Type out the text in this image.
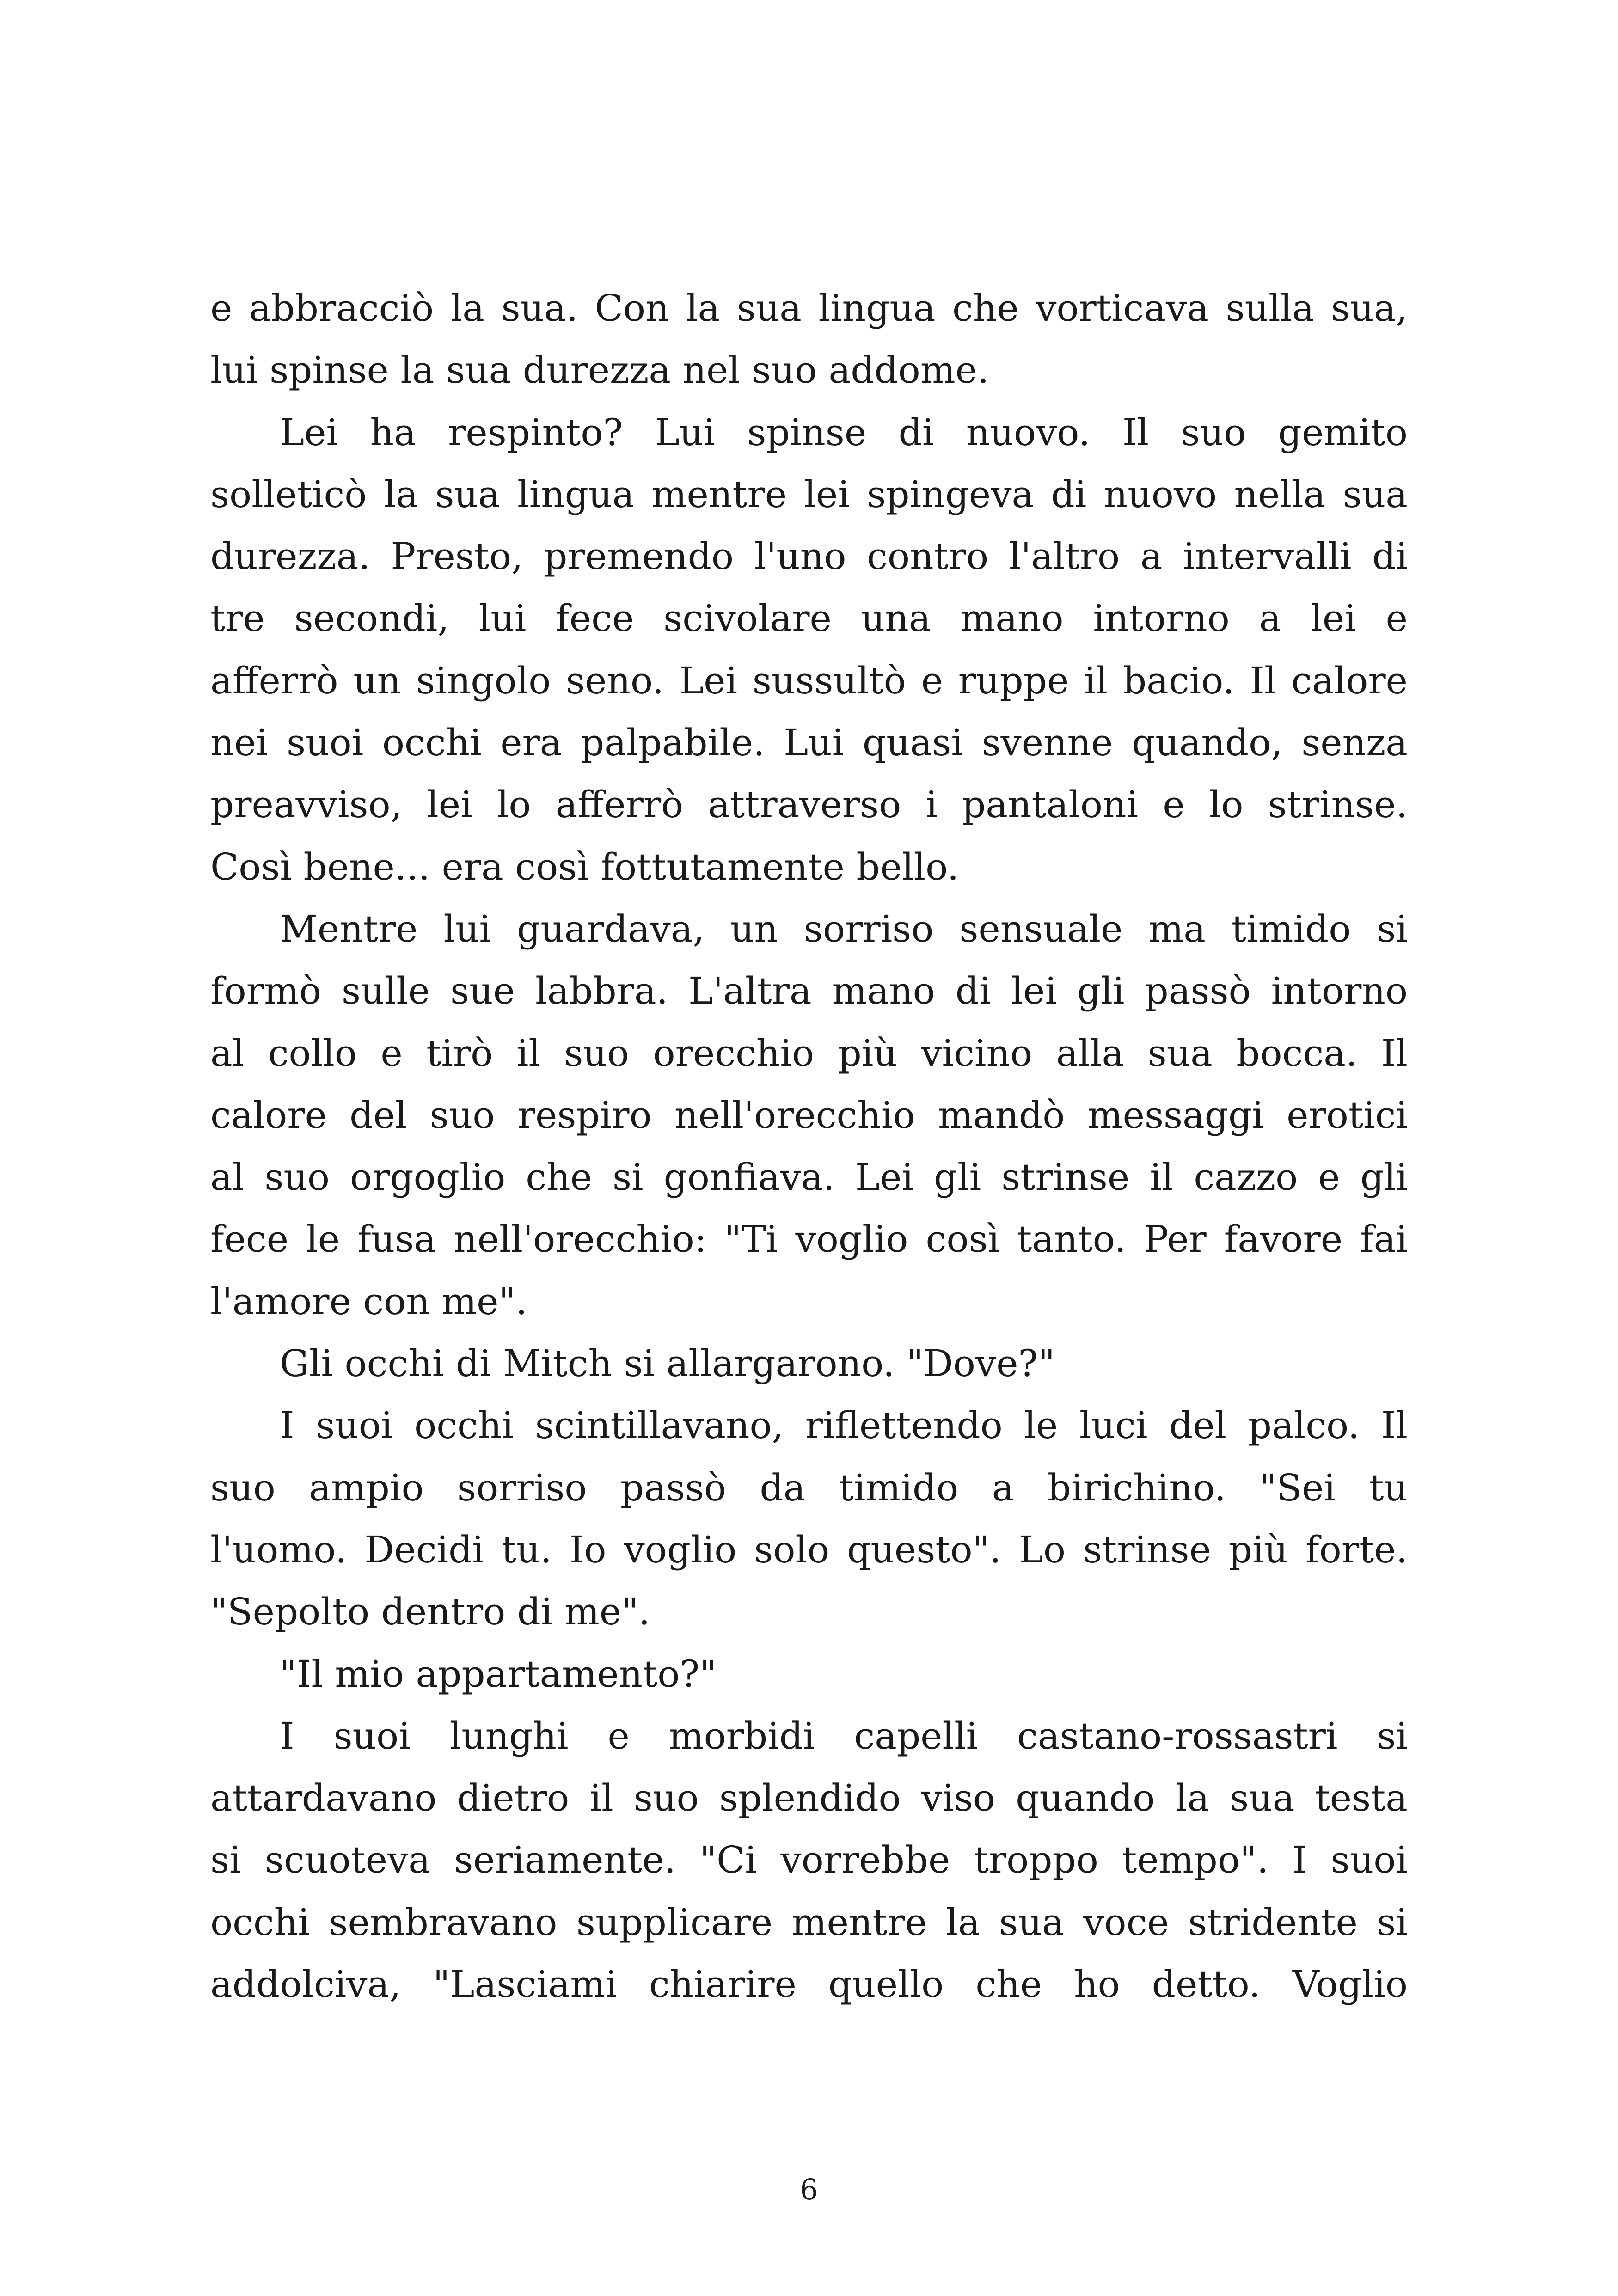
e abbracciò la sua. Con la sua lingua che vorticava sulla sua,
lui spinse la sua durezza nel suo addome.
Lei ha respinto? Lui spinse di nuovo. Il suo gemito
solleticò la sua lingua mentre lei spingeva di nuovo nella sua
durezza. Presto, premendo l'uno contro l'altro a intervalli di
tre secondi, lui fece scivolare una mano intorno a lei e
afferrò un singolo seno. Lei sussultò e ruppe il bacio. Il calore
nei suoi occhi era palpabile. Lui quasi svenne quando, senza
preavviso, lei lo afferrò attraverso i pantaloni e lo strinse.
Così bene... era così fottutamente bello.
Mentre lui guardava, un sorriso sensuale ma timido si
formò sulle sue labbra. L'altra mano di lei gli passò intorno
al collo e tirò il suo orecchio più vicino alla sua bocca. Il
calore del suo respiro nell'orecchio mandò messaggi erotici
al suo orgoglio che si gonfiava. Lei gli strinse il cazzo e gli
fece le fusa nell'orecchio: "Ti voglio così tanto. Per favore fai
l'amore con me".
Gli occhi di Mitch si allargarono. "Dove?"
I suoi occhi scintillavano, riflettendo le luci del palco. Il
suo ampio sorriso passò da timido a birichino. "Sei tu
l'uomo. Decidi tu. Io voglio solo questo". Lo strinse più forte.
"Sepolto dentro di me".
"Il mio appartamento?"
I suoi lunghi e morbidi capelli castano-rossastri si
attardavano dietro il suo splendido viso quando la sua testa
si scuoteva seriamente. "Ci vorrebbe troppo tempo". I suoi
occhi sembravano supplicare mentre la sua voce stridente si
addolciva, "Lasciami chiarire quello che ho detto. Voglio
6
